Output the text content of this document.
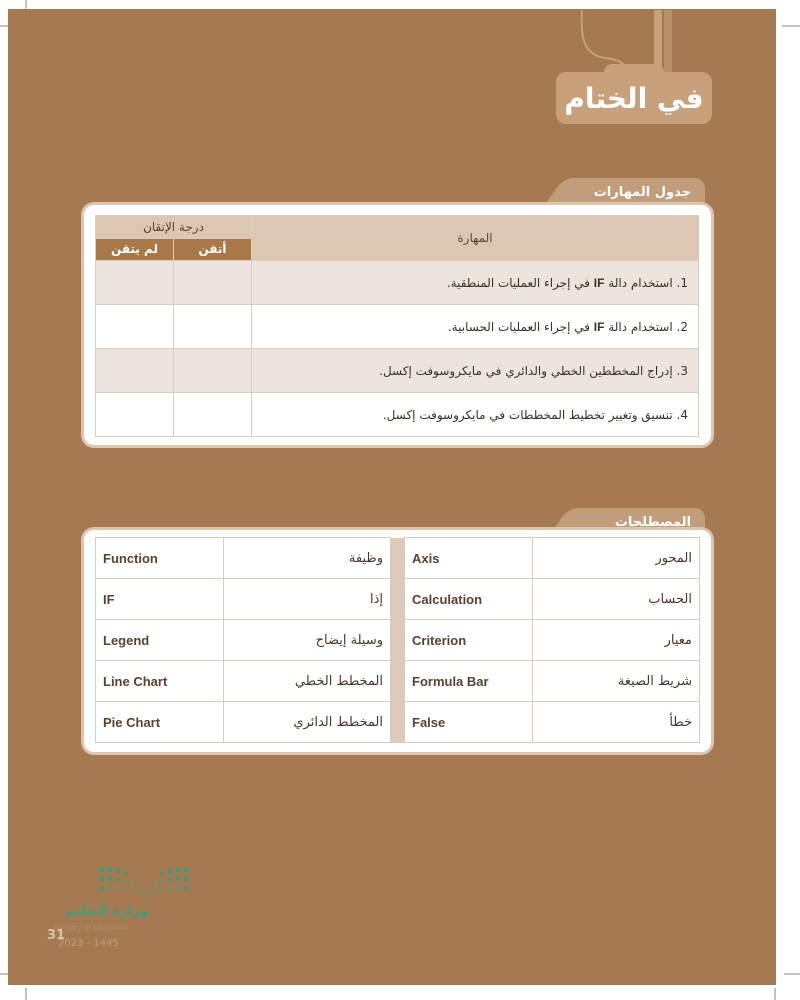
في الختام
جدول المهارات
المهارة	درجة الإتقان	
	أتقن	لم يتقن
1. استخدام دالة IF في إجراء العمليات المنطقية.		
2. استخدام دالة IF في إجراء العمليات الحسابية.		
3. إدراج المخططين الخطي والدائري في مايكروسوفت إكسل.		
4. تنسيق وتغيير تخطيط المخططات في مايكروسوفت إكسل.		
المصطلحات
Function	وظيفة		Axis	المحور
IF	إذا		Calculation	الحساب
Legend	وسيلة إيضاح		Criterion	معيار
Line Chart	المخطط الخطي		Formula Bar	شريط الصيغة
Pie Chart	المخطط الدائري		False	خطأ
وزارة التعليم
Ministry of Education
31
2023 - 1445
